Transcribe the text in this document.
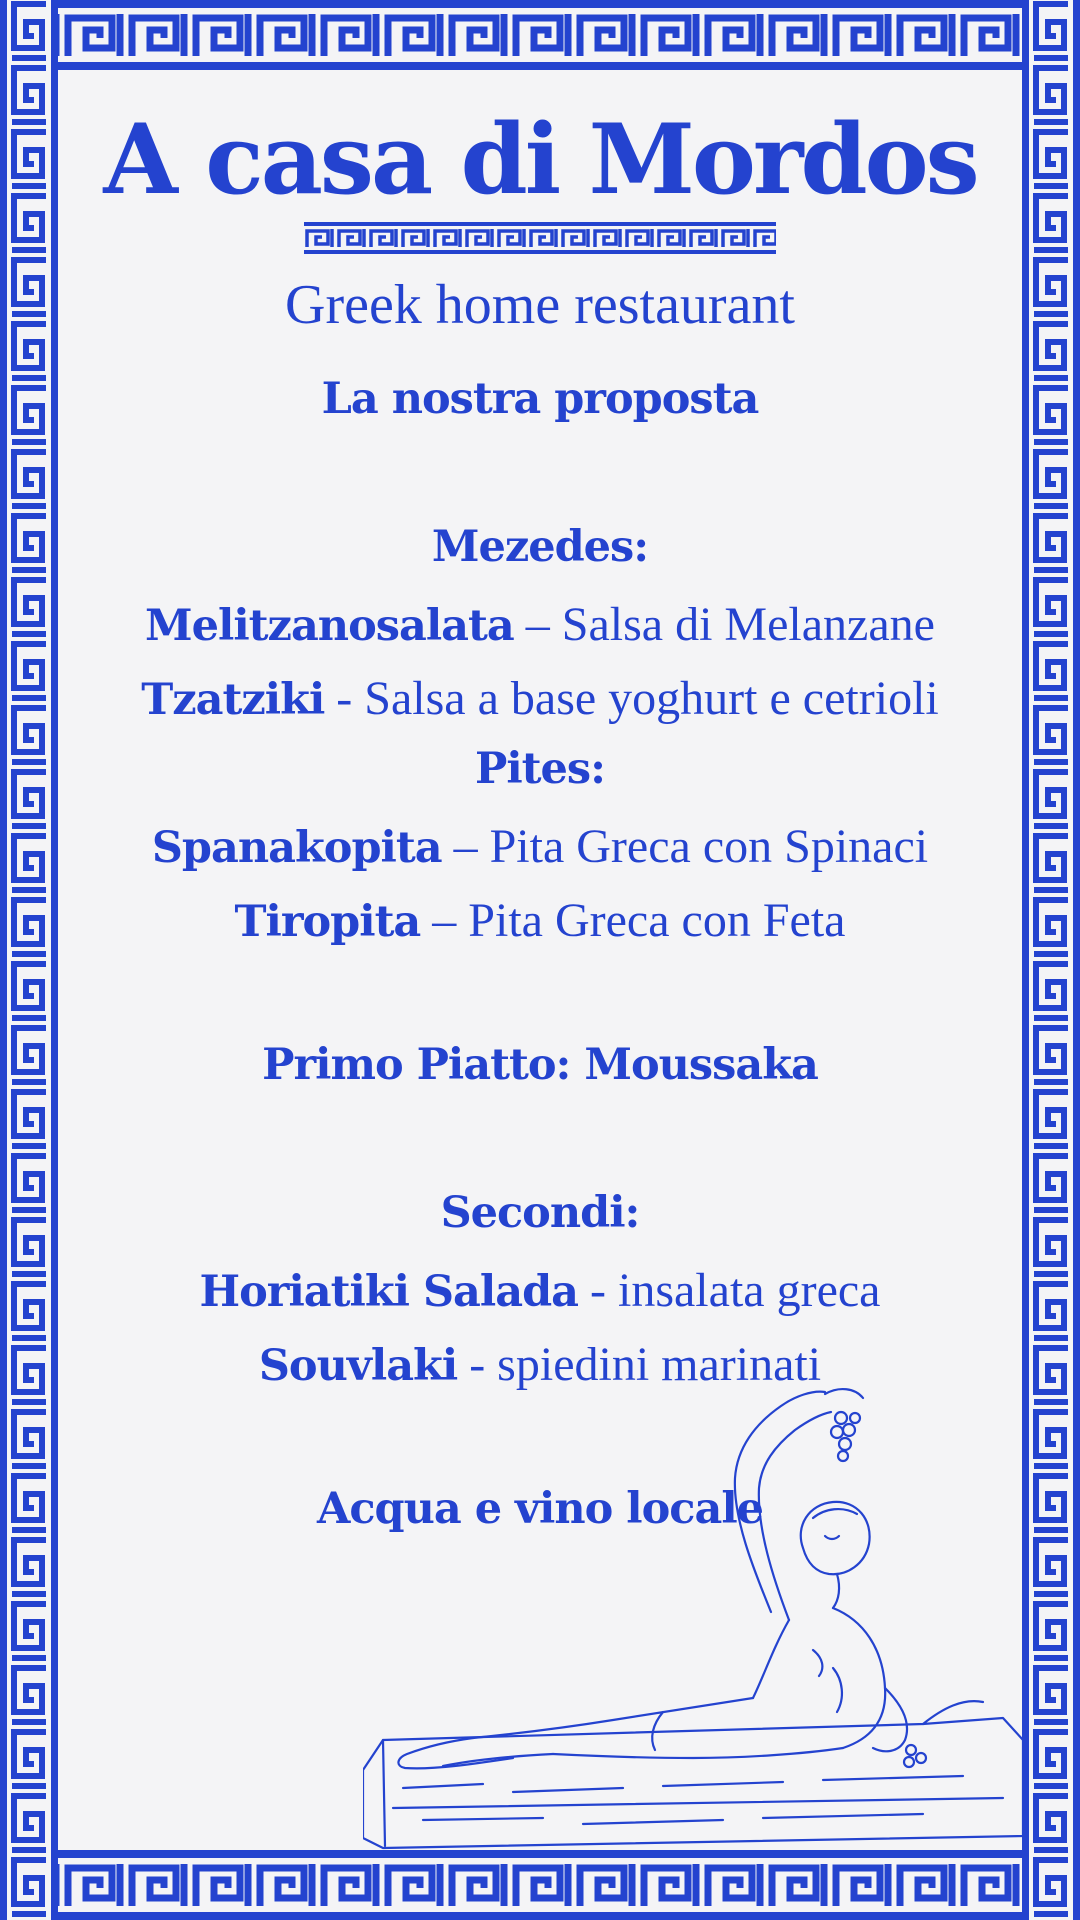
A casa di Mordos
Greek home restaurant
La nostra proposta
Mezedes:
Melitzanosalata – Salsa di Melanzane
Tzatziki - Salsa a base yoghurt e cetrioli
Pites:
Spanakopita – Pita Greca con Spinaci
Tiropita – Pita Greca con Feta
Primo Piatto: Moussaka
Secondi:
Horiatiki Salada - insalata greca
Souvlaki - spiedini marinati
Acqua e vino locale
